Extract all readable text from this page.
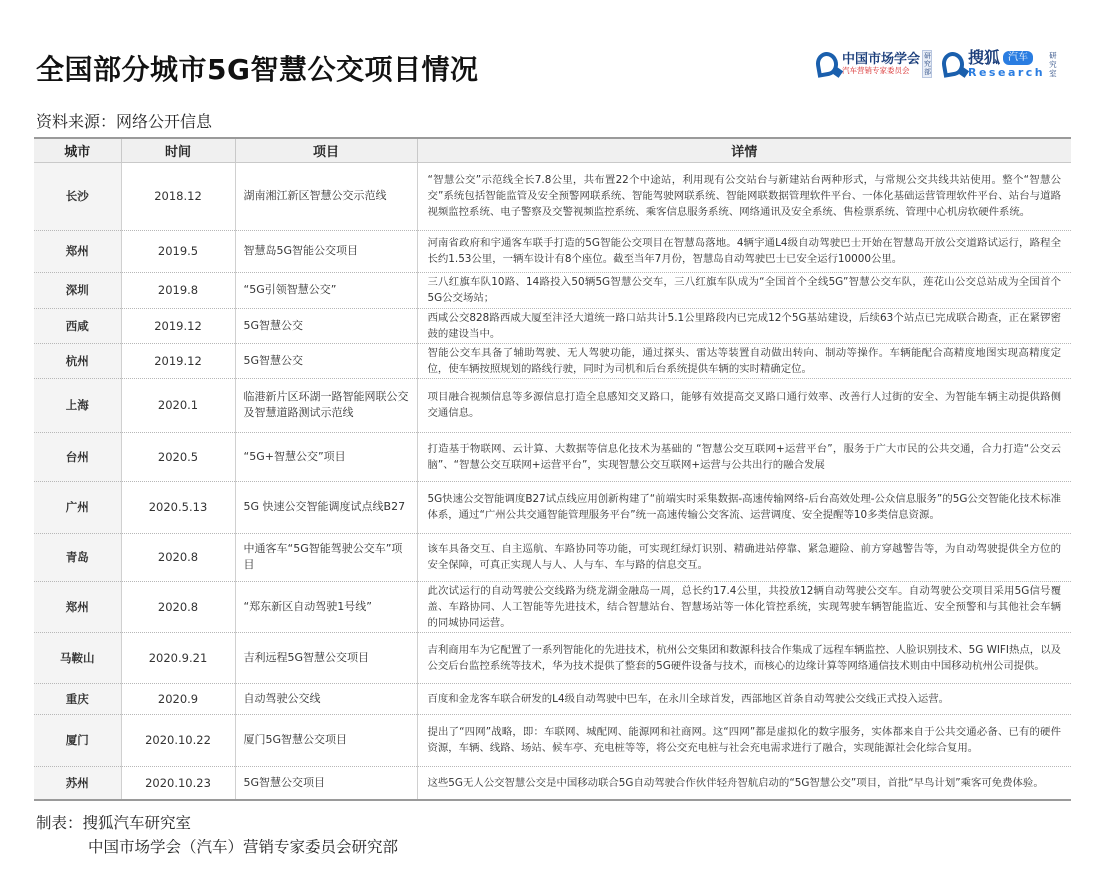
全国部分城市5G智慧公交项目情况	中国市场学会
汽车营销专家委员会
研究部
搜狐 汽车
Research
研究室
资料来源：网络公开信息
城市	时间	项目	详情
长沙	2018.12	湖南湘江新区智慧公交示范线	“智慧公交”示范线全长7.8公里，共布置22个中途站，利用现有公交站台与新建站台两种形式，与常规公交共线共站使用。整个“智慧公交”系统包括智能监管及安全预警网联系统、智能驾驶网联系统、智能网联数据管理软件平台、一体化基础运营管理软件平台、站台与道路视频监控系统、电子警察及交警视频监控系统、乘客信息服务系统、网络通讯及安全系统、售检票系统、管理中心机房软硬件系统。
郑州	2019.5	智慧岛5G智能公交项目	河南省政府和宇通客车联手打造的5G智能公交项目在智慧岛落地。4辆宇通L4级自动驾驶巴士开始在智慧岛开放公交道路试运行，路程全长约1.53公里，一辆车设计有8个座位。截至当年7月份，智慧岛自动驾驶巴士已安全运行10000公里。
深圳	2019.8	“5G引领智慧公交”	三八红旗车队10路、14路投入50辆5G智慧公交车，三八红旗车队成为“全国首个全线5G”智慧公交车队，莲花山公交总站成为全国首个5G公交场站；
西咸	2019.12	5G智慧公交	西咸公交828路西咸大厦至沣泾大道统一路口站共计5.1公里路段内已完成12个5G基站建设，后续63个站点已完成联合勘查，正在紧锣密鼓的建设当中。
杭州	2019.12	5G智慧公交	智能公交车具备了辅助驾驶、无人驾驶功能，通过探头、雷达等装置自动做出转向、制动等操作。车辆能配合高精度地图实现高精度定位，使车辆按照规划的路线行驶，同时为司机和后台系统提供车辆的实时精确定位。
上海	2020.1	临港新片区环湖一路智能网联公交及智慧道路测试示范线	项目融合视频信息等多源信息打造全息感知交叉路口，能够有效提高交叉路口通行效率、改善行人过街的安全、为智能车辆主动提供路侧交通信息。
台州	2020.5	“5G+智慧公交”项目	打造基于物联网、云计算、大数据等信息化技术为基础的 “智慧公交互联网+运营平台”，服务于广大市民的公共交通，合力打造“公交云脑”、“智慧公交互联网+运营平台”，实现智慧公交互联网+运营与公共出行的融合发展
广州	2020.5.13	5G 快速公交智能调度试点线B27	5G快速公交智能调度B27试点线应用创新构建了“前端实时采集数据-高速传输网络-后台高效处理-公众信息服务”的5G公交智能化技术标准体系，通过“广州公共交通智能管理服务平台”统一高速传输公交客流、运营调度、安全提醒等10多类信息资源。
青岛	2020.8	中通客车“5G智能驾驶公交车”项目	该车具备交互、自主巡航、车路协同等功能，可实现红绿灯识别、精确进站停靠、紧急避险、前方穿越警告等，为自动驾驶提供全方位的安全保障，可真正实现人与人、人与车、车与路的信息交互。
郑州	2020.8	“郑东新区自动驾驶1号线”	此次试运行的自动驾驶公交线路为绕龙湖金融岛一周，总长约17.4公里，共投放12辆自动驾驶公交车。自动驾驶公交项目采用5G信号覆盖、车路协同、人工智能等先进技术，结合智慧站台、智慧场站等一体化管控系统，实现驾驶车辆智能监近、安全预警和与其他社会车辆的同城协同运营。
马鞍山	2020.9.21	吉利远程5G智慧公交项目	吉利商用车为它配置了一系列智能化的先进技术，杭州公交集团和数源科技合作集成了远程车辆监控、人脸识别技术、5G WIFI热点，以及公交后台监控系统等技术，华为技术提供了整套的5G硬件设备与技术，而核心的边缘计算等网络通信技术则由中国移动杭州公司提供。
重庆	2020.9	自动驾驶公交线	百度和金龙客车联合研发的L4级自动驾驶中巴车，在永川全球首发，西部地区首条自动驾驶公交线正式投入运营。
厦门	2020.10.22	厦门5G智慧公交项目	提出了“四网”战略，即：车联网、城配网、能源网和社商网。这“四网”都是虚拟化的数字服务，实体都来自于公共交通必备、已有的硬件资源，车辆、线路、场站、候车亭、充电桩等等，将公交充电桩与社会充电需求进行了融合，实现能源社会化综合复用。
苏州	2020.10.23	5G智慧公交项目	这些5G无人公交智慧公交是中国移动联合5G自动驾驶合作伙伴轻舟智航启动的“5G智慧公交”项目，首批“早鸟计划”乘客可免费体验。
制表：搜狐汽车研究室
中国市场学会（汽车）营销专家委员会研究部
